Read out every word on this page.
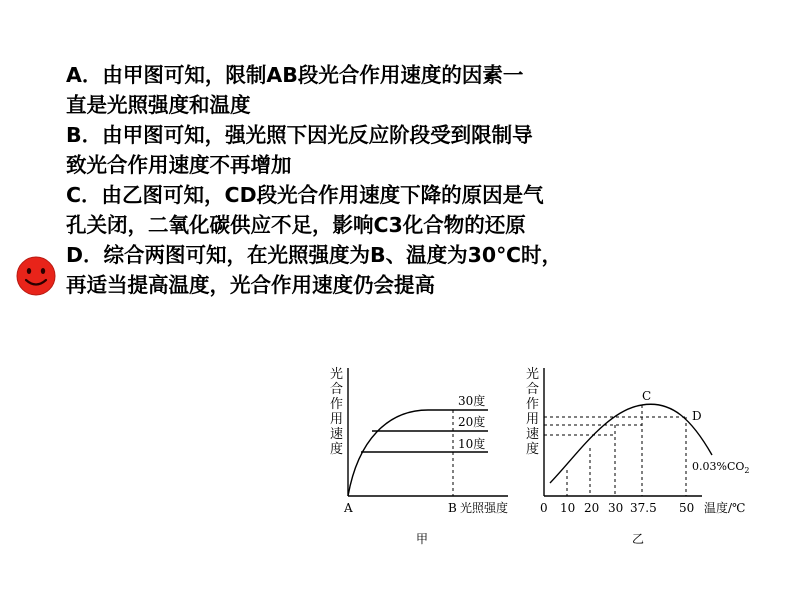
A．由甲图可知，限制AB段光合作用速度的因素一
直是光照强度和温度
B．由甲图可知，强光照下因光反应阶段受到限制导
致光合作用速度不再增加
C．由乙图可知，CD段光合作用速度下降的原因是气
孔关闭，二氧化碳供应不足，影响C3化合物的还原
D．综合两图可知，在光照强度为B、温度为30℃时，
再适当提高温度，光合作用速度仍会提高
光
合
作
用
速
度
30度
20度
10度
A	B 光照强度
甲
光
合
作
用
速
度
C
D
$0.03\%CO_2$
0 10 20 30 37.5 50 温度/℃
乙
